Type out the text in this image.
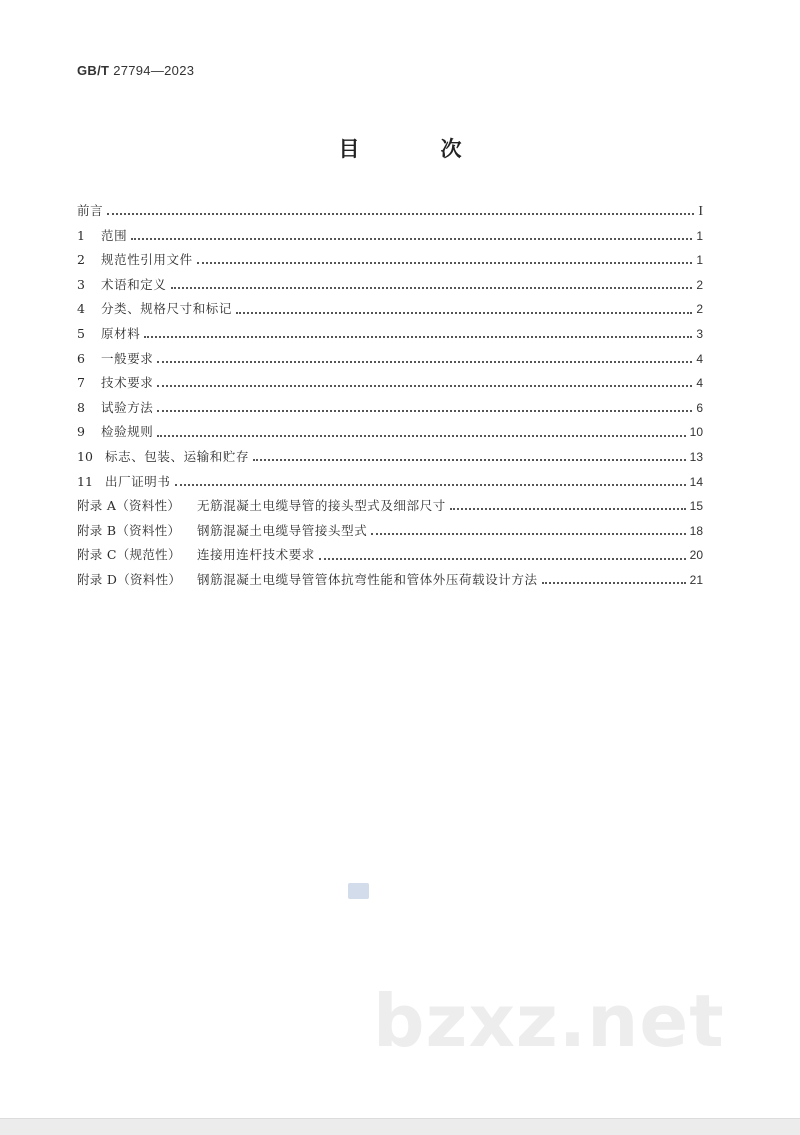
GB/T 27794—2023
目　次
前言	I
1	范围	1
2	规范性引用文件	1
3	术语和定义	2
4	分类、规格尺寸和标记	2
5	原材料	3
6	一般要求	4
7	技术要求	4
8	试验方法	6
9	检验规则	10
10 标志、包装、运输和贮存	13
11 出厂证明书	14
附录 A（资料性）	无筋混凝土电缆导管的接头型式及细部尺寸	15
附录 B（资料性）	钢筋混凝土电缆导管接头型式	18
附录 C（规范性）	连接用连杆技术要求	20
附录 D（资料性）	钢筋混凝土电缆导管管体抗弯性能和管体外压荷载设计方法	21
bzxz.net
